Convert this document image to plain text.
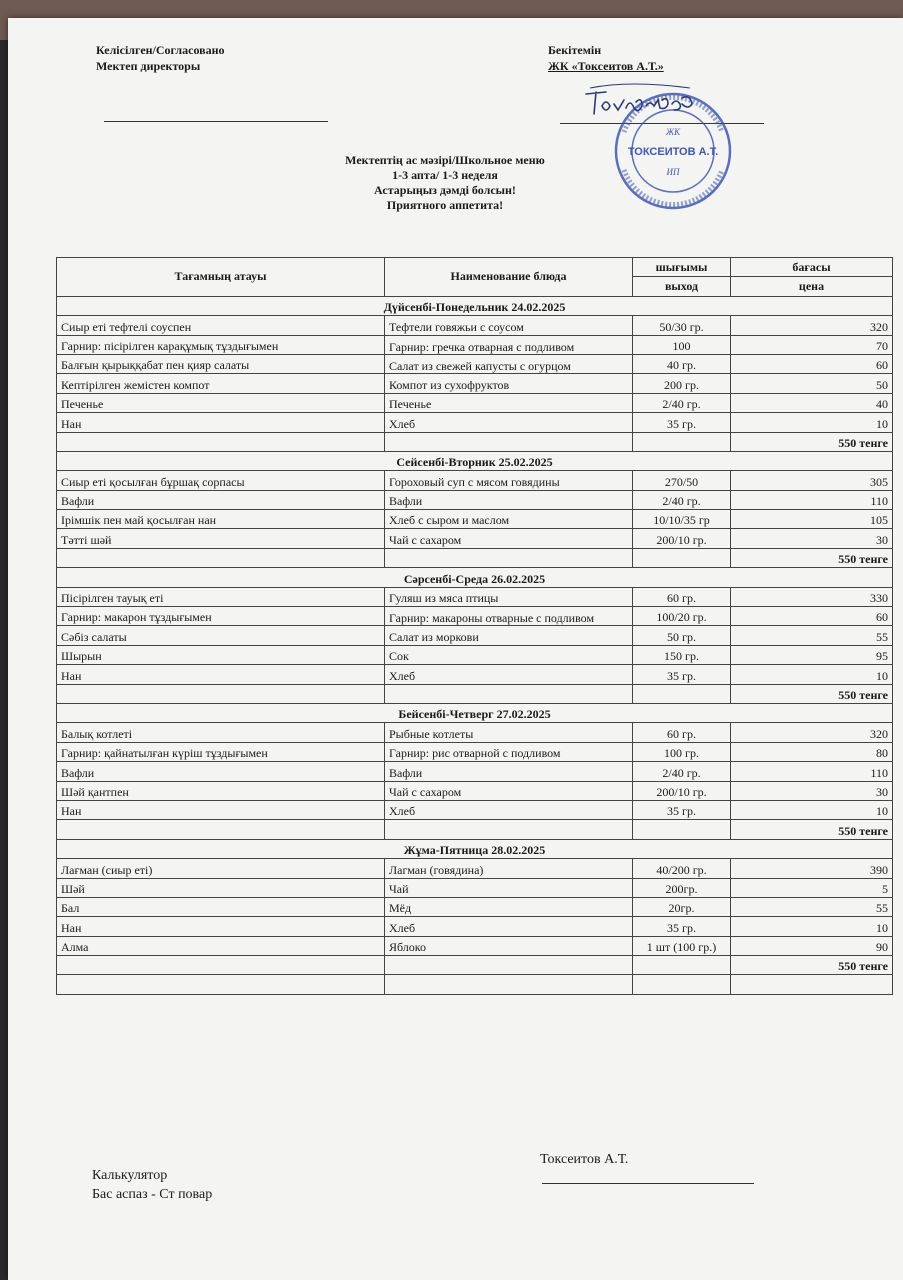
Келісілген/Согласовано
Мектеп директоры
Бекітемін
ЖК «Токсеитов А.Т.»
ЖК
ТОКСЕИТОВ А.Т.
ИП
Мектептің ас мәзірі/Школьное меню
1-3 апта/ 1-3 неделя
Астарыңыз дәмді болсын!
Приятного аппетита!
Тағамның атауы	Наименование блюда	шығымы	бағасы
		выход	цена
Дүйсенбі-Понедельник 24.02.2025			
Сиыр еті тефтелі соуспен	Тефтели говяжьи с соусом	50/30 гр.	320
Гарнир: пісірілген карақұмық тұздығымен	Гарнир: гречка отварная с подливом	100	70
Балғын қырыққабат пен қияр салаты	Салат из свежей капусты с огурцом	40 гр.	60
Кептірілген жемістен компот	Компот из сухофруктов	200 гр.	50
Печенье	Печенье	2/40 гр.	40
Нан	Хлеб	35 гр.	10
			550 тенге
Сейсенбі-Вторник 25.02.2025			
Сиыр еті қосылған бұршақ сорпасы	Гороховый суп с мясом говядины	270/50	305
Вафли	Вафли	2/40 гр.	110
Ірімшік пен май қосылған нан	Хлеб с сыром и маслом	10/10/35 гр	105
Тәтті шәй	Чай с сахаром	200/10 гр.	30
			550 тенге
Сәрсенбі-Среда 26.02.2025			
Пісірілген тауық еті	Гуляш из мяса птицы	60 гр.	330
Гарнир: макарон тұздығымен	Гарнир: макароны отварные с подливом	100/20 гр.	60
Сәбіз салаты	Салат из моркови	50 гр.	55
Шырын	Сок	150 гр.	95
Нан	Хлеб	35 гр.	10
			550 тенге
Бейсенбі-Четверг 27.02.2025			
Балық котлеті	Рыбные котлеты	60 гр.	320
Гарнир: қайнатылған күріш тұздығымен	Гарнир: рис отварной с подливом	100 гр.	80
Вафли	Вафли	2/40 гр.	110
Шәй қантпен	Чай с сахаром	200/10 гр.	30
Нан	Хлеб	35 гр.	10
			550 тенге
Жұма-Пятница 28.02.2025			
Лағман (сиыр еті)	Лагман (говядина)	40/200 гр.	390
Шәй	Чай	200гр.	5
Бал	Мёд	20гр.	55
Нан	Хлеб	35 гр.	10
Алма	Яблоко	1 шт (100 гр.)	90
			550 тенге

Калькулятор
Бас аспаз - Ст повар
Токсеитов А.Т.
